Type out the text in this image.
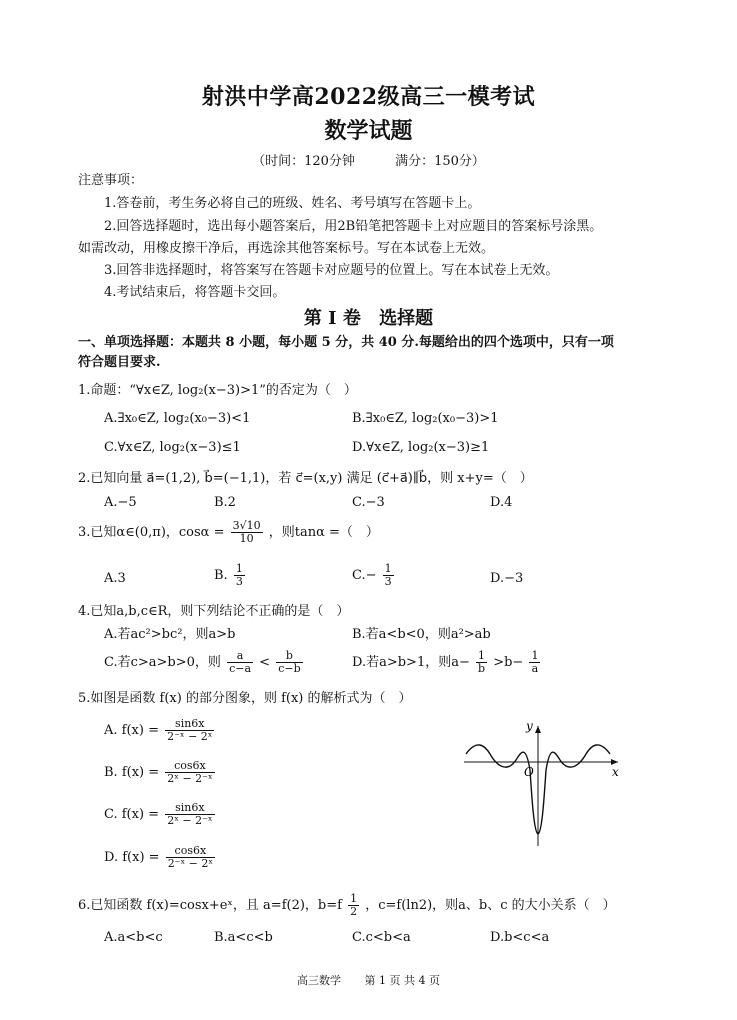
射洪中学高2022级高三一模考试
数学试题
（时间：120分钟	满分：150分）
注意事项：
1.答卷前，考生务必将自己的班级、姓名、考号填写在答题卡上。
2.回答选择题时，选出每小题答案后，用2B铅笔把答题卡上对应题目的答案标号涂黑。
如需改动，用橡皮擦干净后，再选涂其他答案标号。写在本试卷上无效。
3.回答非选择题时，将答案写在答题卡对应题号的位置上。写在本试卷上无效。
4.考试结束后，将答题卡交回。
第 I 卷 选择题
一、单项选择题：本题共 8 小题，每小题 5 分，共 40 分.每题给出的四个选项中，只有一项
符合题目要求.
1.命题：“∀x∈Z, log₂(x−3)>1”的否定为（　）
A.∃x₀∈Z, log₂(x₀−3)<1	B.∃x₀∈Z, log₂(x₀−3)>1
C.∀x∈Z, log₂(x−3)≤1	D.∀x∈Z, log₂(x−3)≥1
2.已知向量 a⃗=(1,2), b⃗=(−1,1)，若 c⃗=(x,y) 满足 (c⃗+a⃗)∥b⃗，则 x+y=（　）
A.−5	B.2	C.−3	D.4
3.已知α∈(0,π)，$\cos\alpha = \frac{3√10}{10}$ ，则tanα =（　）
A.3	B. $\frac{1}{3}$	$C.- \frac{1}{3}$	D.−3
4.已知a,b,c∈R，则下列结论不正确的是（　）
A.若ac²>bc²，则a>b	B.若a<b<0，则a²>ab
C.若c>a>b>0，则 $\frac{a}{c-a} < \frac{b}{c-b}$	D.若a>b>1，则$a- \frac{1}{b} >b- \frac{1}{a}$
5.如图是函数 f(x) 的部分图象，则 f(x) 的解析式为（　）
A. $f(x) = \frac{\sin 6x}{\text{2⁻ˣ − 2ˣ}}$
B. $f(x) = \frac{\cos 6x}{\text{2ˣ − 2⁻ˣ}}$
C. $f(x) = \frac{\sin 6x}{\text{2ˣ − 2⁻ˣ}}$
D. $f(x) = \frac{\cos 6x}{\text{2⁻ˣ − 2ˣ}}$
y
x
O
6.已知函数 f(x)=cosx+eˣ，且 a=f(2)，$b=f \frac{1}{2}$ ，c=f(ln2)，则a、b、c 的大小关系（　）
A.a<b<c	B.a<c<b	C.c<b<a	D.b<c<a
高三数学 第 1 页 共 4 页
